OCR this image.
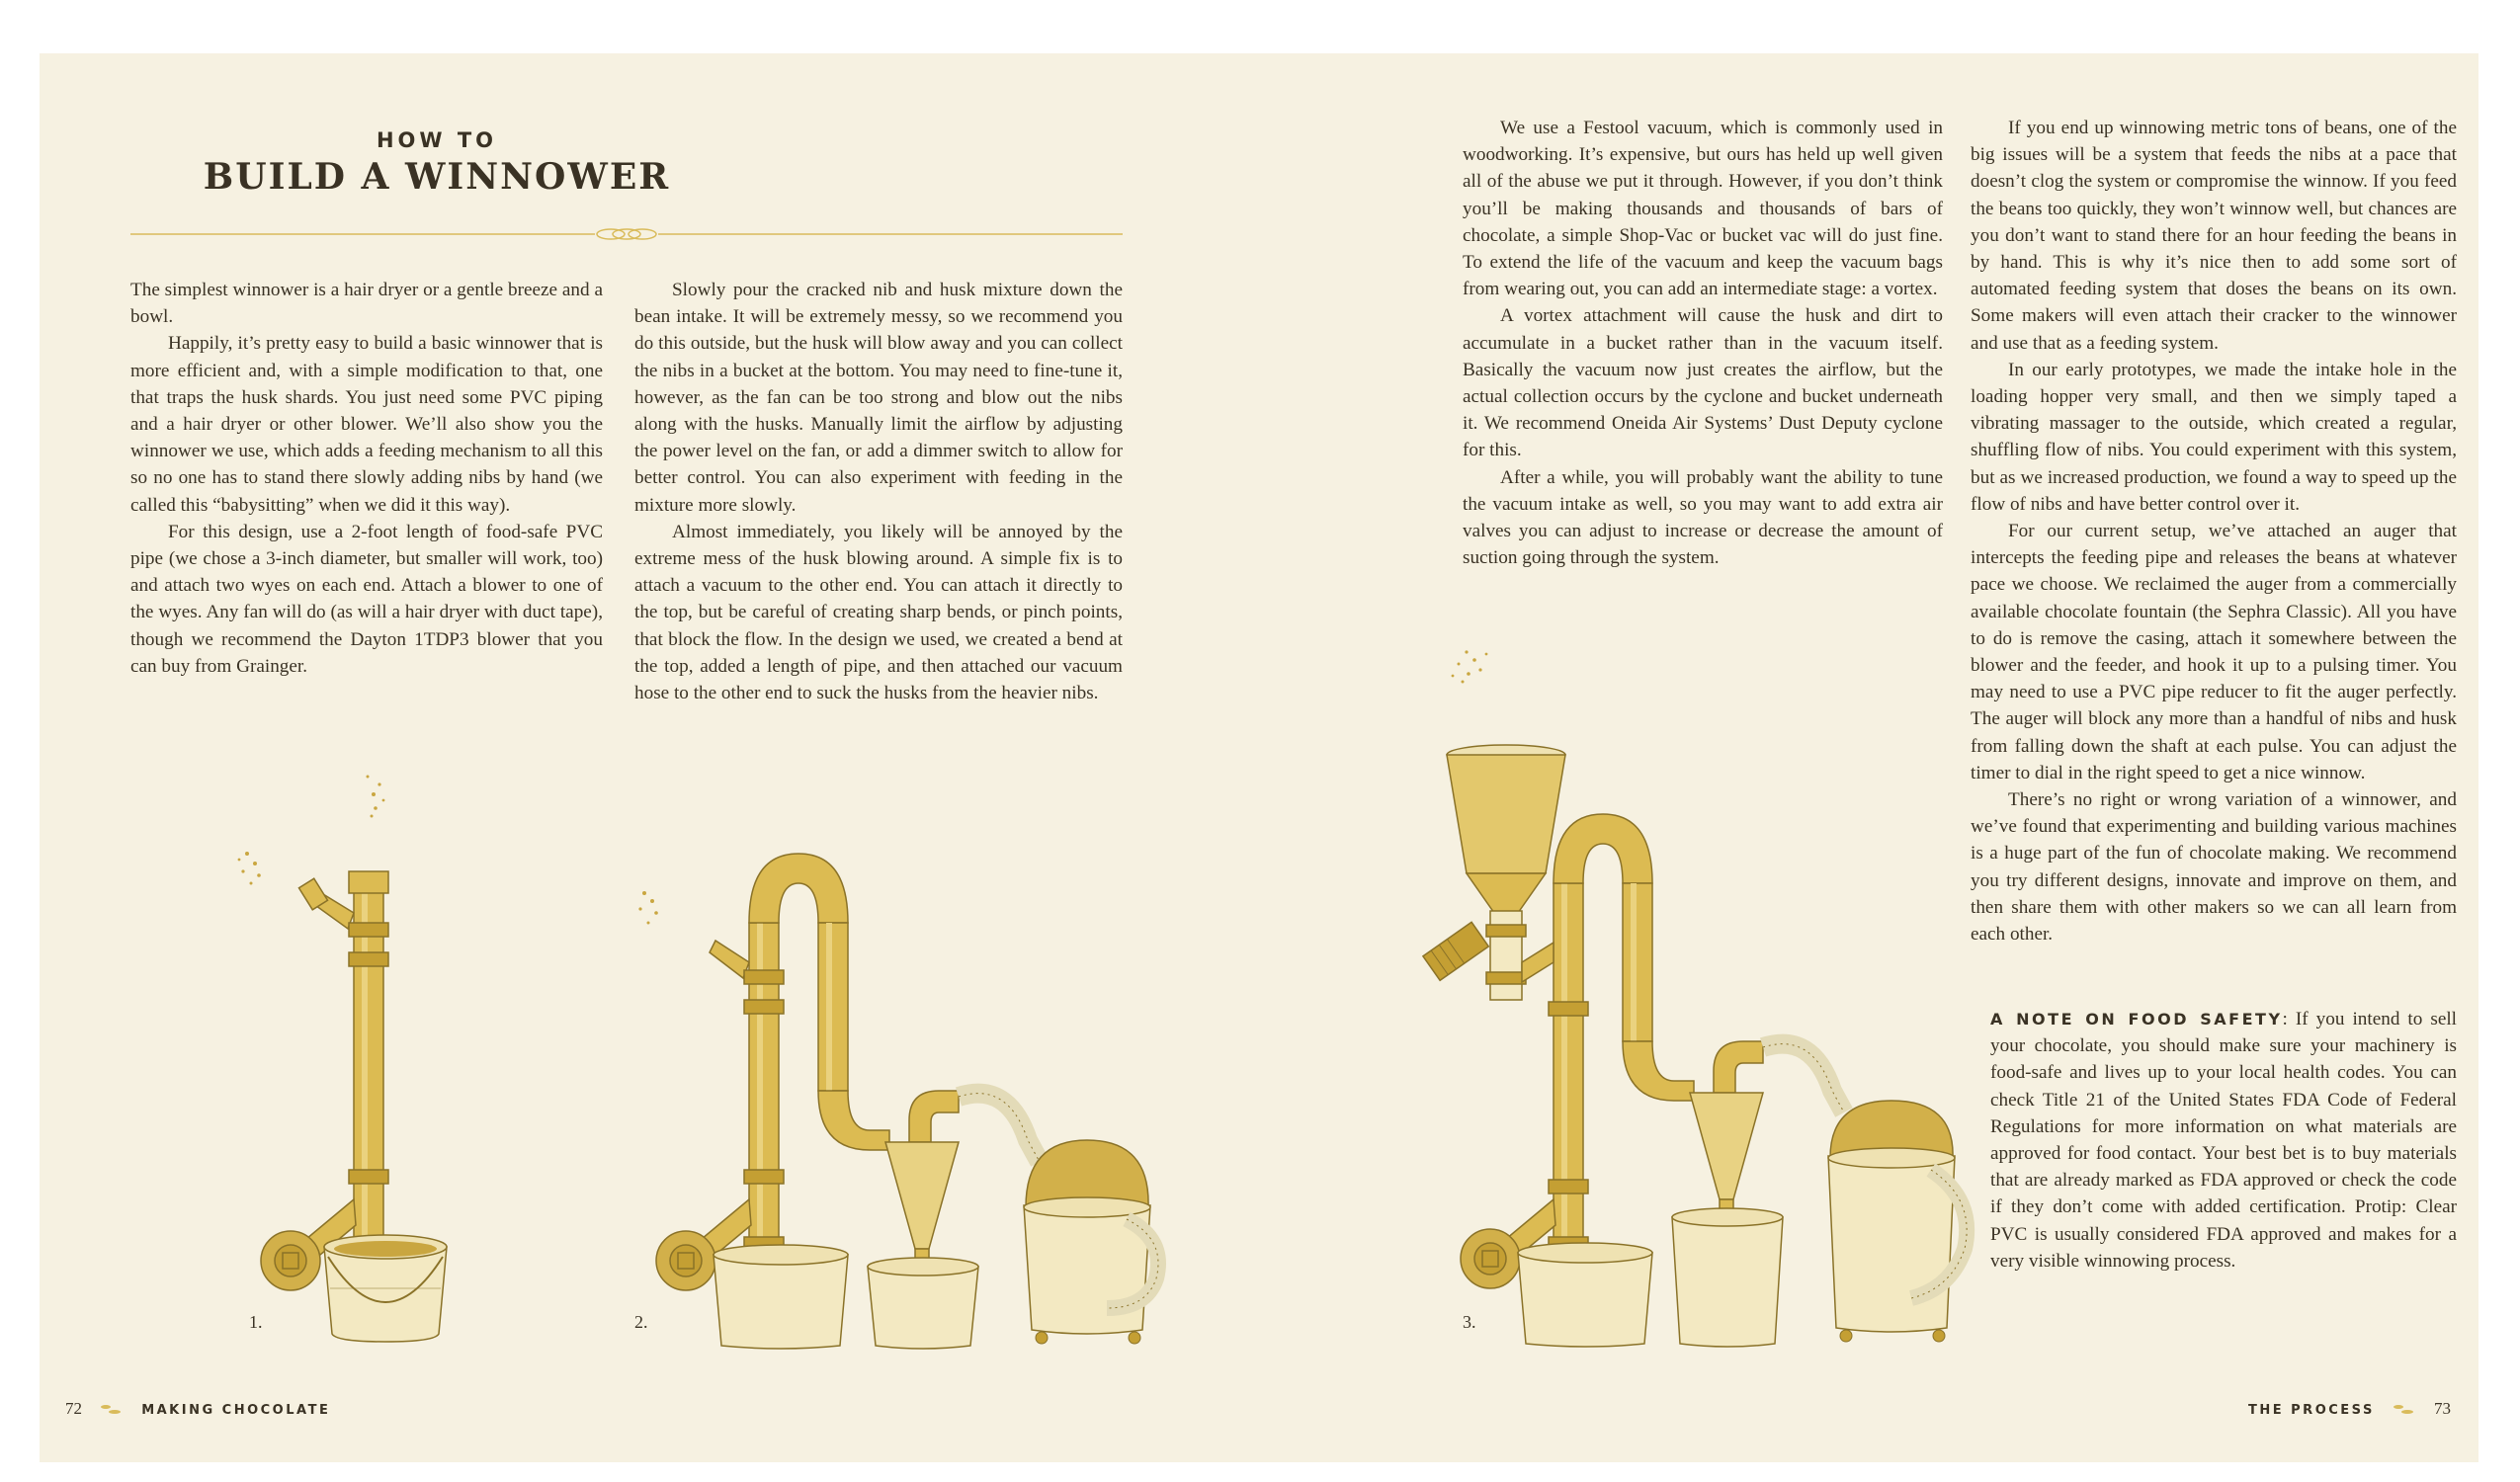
HOW TO
BUILD A WINNOWER

The simplest winnower is a hair dryer or a gentle breeze and a bowl.

Happily, it’s pretty easy to build a basic winnower that is more efficient and, with a simple modification to that, one that traps the husk shards. You just need some PVC piping and a hair dryer or other blower. We’ll also show you the winnower we use, which adds a feeding mechanism to all this so no one has to stand there slowly adding nibs by hand (we called this “babysitting” when we did it this way).

For this design, use a 2-foot length of food-safe PVC pipe (we chose a 3-inch diameter, but smaller will work, too) and attach two wyes on each end. Attach a blower to one of the wyes. Any fan will do (as will a hair dryer with duct tape), though we recommend the Dayton 1TDP3 blower that you can buy from Grainger.

Slowly pour the cracked nib and husk mixture down the bean intake. It will be extremely messy, so we recommend you do this outside, but the husk will blow away and you can collect the nibs in a bucket at the bottom. You may need to fine-tune it, however, as the fan can be too strong and blow out the nibs along with the husks. Manually limit the airflow by adjusting the power level on the fan, or add a dimmer switch to allow for better control. You can also experiment with feeding in the mixture more slowly.

Almost immediately, you likely will be annoyed by the extreme mess of the husk blowing around. A simple fix is to attach a vacuum to the other end. You can attach it directly to the top, but be careful of creating sharp bends, or pinch points, that block the flow. In the design we used, we created a bend at the top, added a length of pipe, and then attached our vacuum hose to the other end to suck the husks from the heavier nibs.

1.	2.
72	MAKING CHOCOLATE

We use a Festool vacuum, which is commonly used in woodworking. It’s expensive, but ours has held up well given all of the abuse we put it through. However, if you don’t think you’ll be making thousands and thousands of bars of chocolate, a simple Shop-Vac or bucket vac will do just fine. To extend the life of the vacuum and keep the vacuum bags from wearing out, you can add an intermediate stage: a vortex.

A vortex attachment will cause the husk and dirt to accumulate in a bucket rather than in the vacuum itself. Basically the vacuum now just creates the airflow, but the actual collection occurs by the cyclone and bucket underneath it. We recommend Oneida Air Systems’ Dust Deputy cyclone for this.

After a while, you will probably want the ability to tune the vacuum intake as well, so you may want to add extra air valves you can adjust to increase or decrease the amount of suction going through the system.

If you end up winnowing metric tons of beans, one of the big issues will be a system that feeds the nibs at a pace that doesn’t clog the system or compromise the winnow. If you feed the beans too quickly, they won’t winnow well, but chances are you don’t want to stand there for an hour feeding the beans in by hand. This is why it’s nice then to add some sort of automated feeding system that doses the beans on its own. Some makers will even attach their cracker to the winnower and use that as a feeding system.

In our early prototypes, we made the intake hole in the loading hopper very small, and then we simply taped a vibrating massager to the outside, which created a regular, shuffling flow of nibs. You could experiment with this system, but as we increased production, we found a way to speed up the flow of nibs and have better control over it.

For our current setup, we’ve attached an auger that intercepts the feeding pipe and releases the beans at whatever pace we choose. We reclaimed the auger from a commercially available chocolate fountain (the Sephra Classic). All you have to do is remove the casing, attach it somewhere between the blower and the feeder, and hook it up to a pulsing timer. You may need to use a PVC pipe reducer to fit the auger perfectly. The auger will block any more than a handful of nibs and husk from falling down the shaft at each pulse. You can adjust the timer to dial in the right speed to get a nice winnow.

There’s no right or wrong variation of a winnower, and we’ve found that experimenting and building various machines is a huge part of the fun of chocolate making. We recommend you try different designs, innovate and improve on them, and then share them with other makers so we can all learn from each other.

A NOTE ON FOOD SAFETY: If you intend to sell your chocolate, you should make sure your machinery is food-safe and lives up to your local health codes. You can check Title 21 of the United States FDA Code of Federal Regulations for more information on what materials are approved for food contact. Your best bet is to buy materials that are already marked as FDA approved or check the code if they don’t come with added certification. Protip: Clear PVC is usually considered FDA approved and makes for a very visible winnowing process.

3.
THE PROCESS	73
